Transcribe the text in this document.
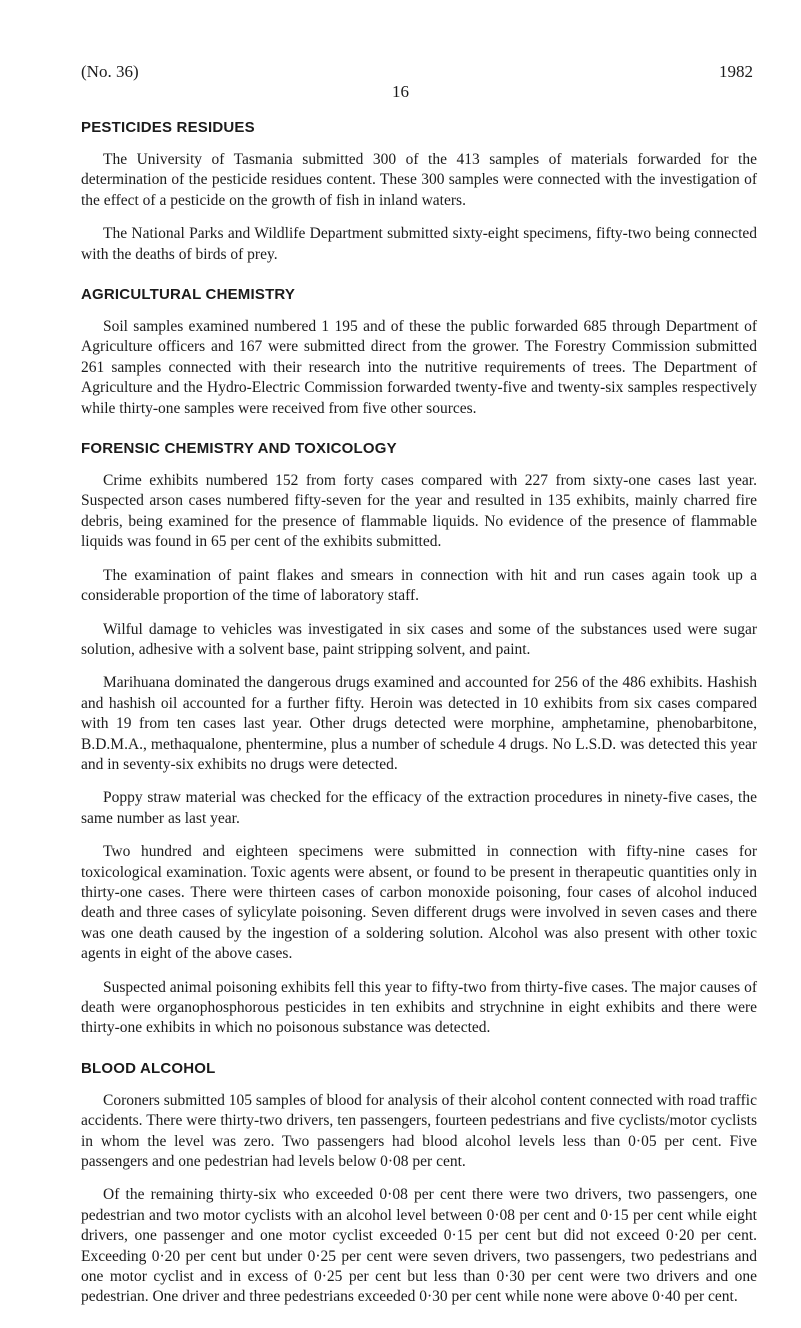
(No. 36)	1982
16
PESTICIDES RESIDUES

The University of Tasmania submitted 300 of the 413 samples of materials forwarded for the determination of the pesticide residues content. These 300 samples were connected with the investigation of the effect of a pesticide on the growth of fish in inland waters.

The National Parks and Wildlife Department submitted sixty-eight specimens, fifty-two being connected with the deaths of birds of prey.

AGRICULTURAL CHEMISTRY

Soil samples examined numbered 1 195 and of these the public forwarded 685 through Department of Agriculture officers and 167 were submitted direct from the grower. The Forestry Commission submitted 261 samples connected with their research into the nutritive requirements of trees. The Department of Agriculture and the Hydro-Electric Commission forwarded twenty-five and twenty-six samples respectively while thirty-one samples were received from five other sources.

FORENSIC CHEMISTRY AND TOXICOLOGY

Crime exhibits numbered 152 from forty cases compared with 227 from sixty-one cases last year. Suspected arson cases numbered fifty-seven for the year and resulted in 135 exhibits, mainly charred fire debris, being examined for the presence of flammable liquids. No evidence of the presence of flammable liquids was found in 65 per cent of the exhibits submitted.

The examination of paint flakes and smears in connection with hit and run cases again took up a considerable proportion of the time of laboratory staff.

Wilful damage to vehicles was investigated in six cases and some of the substances used were sugar solution, adhesive with a solvent base, paint stripping solvent, and paint.

Marihuana dominated the dangerous drugs examined and accounted for 256 of the 486 exhibits. Hashish and hashish oil accounted for a further fifty. Heroin was detected in 10 exhibits from six cases compared with 19 from ten cases last year. Other drugs detected were morphine, amphetamine, phenobarbitone, B.D.M.A., methaqualone, phentermine, plus a number of schedule 4 drugs. No L.S.D. was detected this year and in seventy-six exhibits no drugs were detected.

Poppy straw material was checked for the efficacy of the extraction procedures in ninety-five cases, the same number as last year.

Two hundred and eighteen specimens were submitted in connection with fifty-nine cases for toxicological examination. Toxic agents were absent, or found to be present in therapeutic quantities only in thirty-one cases. There were thirteen cases of carbon monoxide poisoning, four cases of alcohol induced death and three cases of sylicylate poisoning. Seven different drugs were involved in seven cases and there was one death caused by the ingestion of a soldering solution. Alcohol was also present with other toxic agents in eight of the above cases.

Suspected animal poisoning exhibits fell this year to fifty-two from thirty-five cases. The major causes of death were organophosphorous pesticides in ten exhibits and strychnine in eight exhibits and there were thirty-one exhibits in which no poisonous substance was detected.

BLOOD ALCOHOL

Coroners submitted 105 samples of blood for analysis of their alcohol content connected with road traffic accidents. There were thirty-two drivers, ten passengers, fourteen pedestrians and five cyclists/motor cyclists in whom the level was zero. Two passengers had blood alcohol levels less than 0·05 per cent. Five passengers and one pedestrian had levels below 0·08 per cent.

Of the remaining thirty-six who exceeded 0·08 per cent there were two drivers, two passengers, one pedestrian and two motor cyclists with an alcohol level between 0·08 per cent and 0·15 per cent while eight drivers, one passenger and one motor cyclist exceeded 0·15 per cent but did not exceed 0·20 per cent. Exceeding 0·20 per cent but under 0·25 per cent were seven drivers, two passengers, two pedestrians and one motor cyclist and in excess of 0·25 per cent but less than 0·30 per cent were two drivers and one pedestrian. One driver and three pedestrians exceeded 0·30 per cent while none were above 0·40 per cent.
